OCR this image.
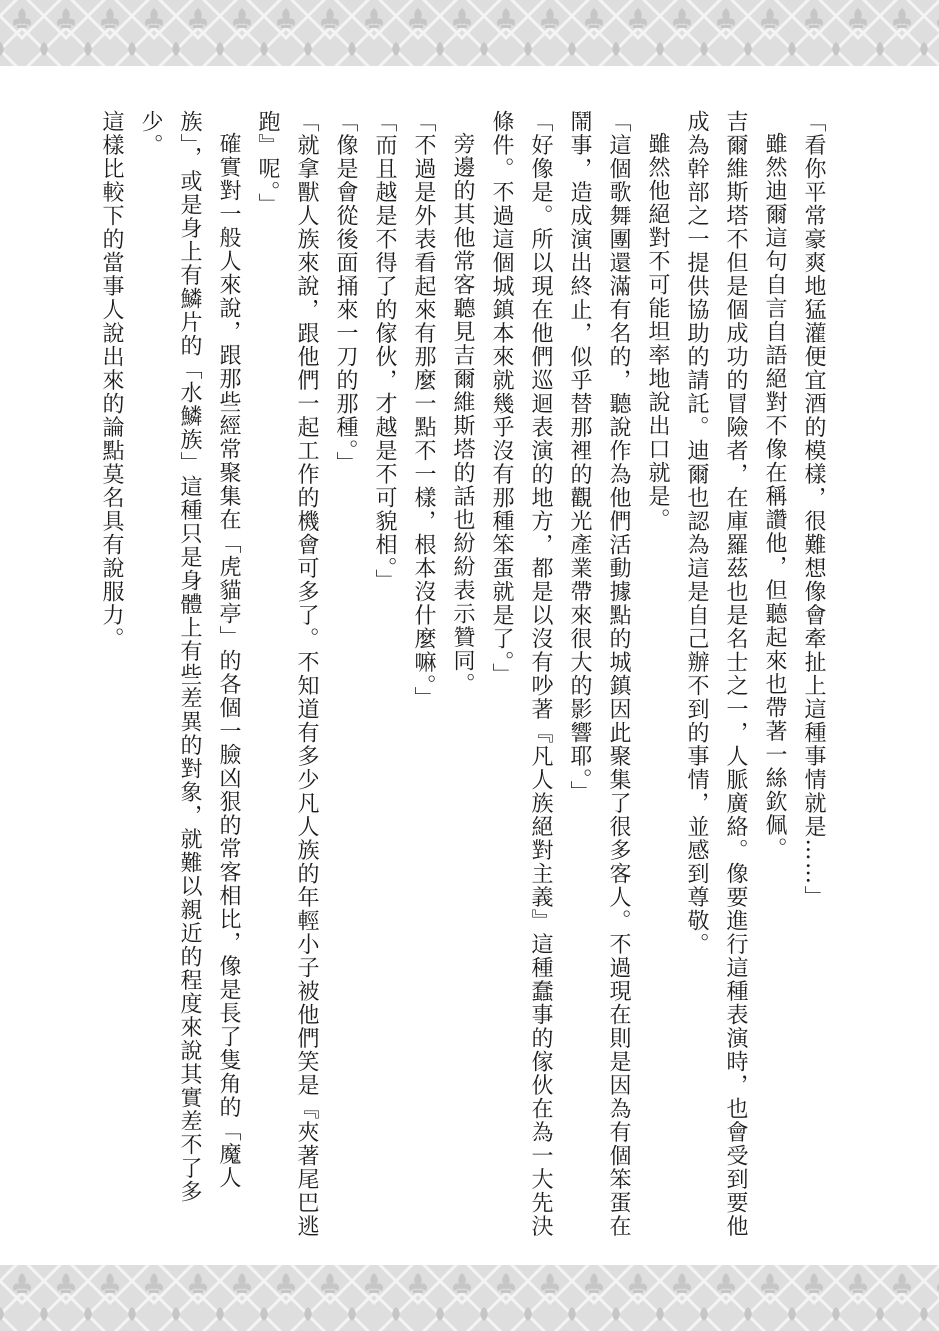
「看你平常豪爽地猛灌便宜酒的模樣，很難想像會牽扯上這種事情就是……」

雖然迪爾這句自言自語絕對不像在稱讚他，但聽起來也帶著一絲欽佩。

吉爾維斯塔不但是個成功的冒險者，在庫羅茲也是名士之一，人脈廣絡。像要進行這種表演時，也會受到要他成為幹部之一提供協助的請託。迪爾也認為這是自己辦不到的事情，並感到尊敬。

雖然他絕對不可能坦率地說出口就是。

「這個歌舞團還滿有名的，聽說作為他們活動據點的城鎮因此聚集了很多客人。不過現在則是因為有個笨蛋在鬧事，造成演出終止，似乎替那裡的觀光產業帶來很大的影響耶。」

「好像是。所以現在他們巡迴表演的地方，都是以沒有吵著『凡人族絕對主義』這種蠢事的傢伙在為一大先決條件。不過這個城鎮本來就幾乎沒有那種笨蛋就是了。」

旁邊的其他常客聽見吉爾維斯塔的話也紛紛表示贊同。

「不過是外表看起來有那麼一點不一樣，根本沒什麼嘛。」

「而且越是不得了的傢伙，才越是不可貌相。」

「像是會從後面捅來一刀的那種。」

「就拿獸人族來說，跟他們一起工作的機會可多了。不知道有多少凡人族的年輕小子被他們笑是『夾著尾巴逃跑』呢。」

確實對一般人來說，跟那些經常聚集在「虎貓亭」的各個一臉凶狠的常客相比，像是長了隻角的「魔人族」，或是身上有鱗片的「水鱗族」這種只是身體上有些差異的對象，就難以親近的程度來說其實差不了多少。

這樣比較下的當事人說出來的論點莫名具有說服力。
